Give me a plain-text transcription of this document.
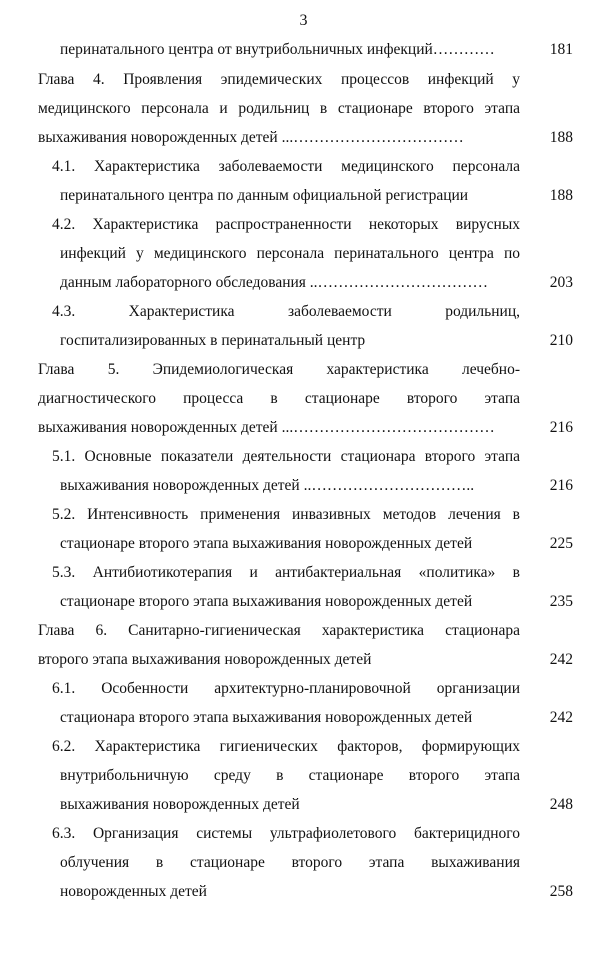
3
перинатального центра от внутрибольничных инфекций…………
Глава 4. Проявления эпидемических процессов инфекций у
медицинского персонала и родильниц в стационаре второго этапа
выхаживания новорожденных детей ...……………………………
4.1. Характеристика заболеваемости медицинского персонала
перинатального центра по данным официальной регистрации
4.2. Характеристика распространенности некоторых вирусных
инфекций у медицинского персонала перинатального центра по
данным лабораторного обследования ..……………………………
4.3. Характеристика заболеваемости родильниц,
госпитализированных в перинатальный центр
Глава 5. Эпидемиологическая характеристика лечебно-
диагностического процесса в стационаре второго этапа
выхаживания новорожденных детей ...…………………………………
5.1. Основные показатели деятельности стационара второго этапа
выхаживания новорожденных детей ..…………………………..
5.2. Интенсивность применения инвазивных методов лечения в
стационаре второго этапа выхаживания новорожденных детей
5.3. Антибиотикотерапия и антибактериальная «политика» в
стационаре второго этапа выхаживания новорожденных детей
Глава 6. Санитарно-гигиеническая характеристика стационара
второго этапа выхаживания новорожденных детей
6.1. Особенности архитектурно-планировочной организации
стационара второго этапа выхаживания новорожденных детей
6.2. Характеристика гигиенических факторов, формирующих
внутрибольничную среду в стационаре второго этапа
выхаживания новорожденных детей
6.3. Организация системы ультрафиолетового бактерицидного
облучения в стационаре второго этапа выхаживания
новорожденных детей
181
188
188
203
210
216
216
225
235
242
242
248
258
